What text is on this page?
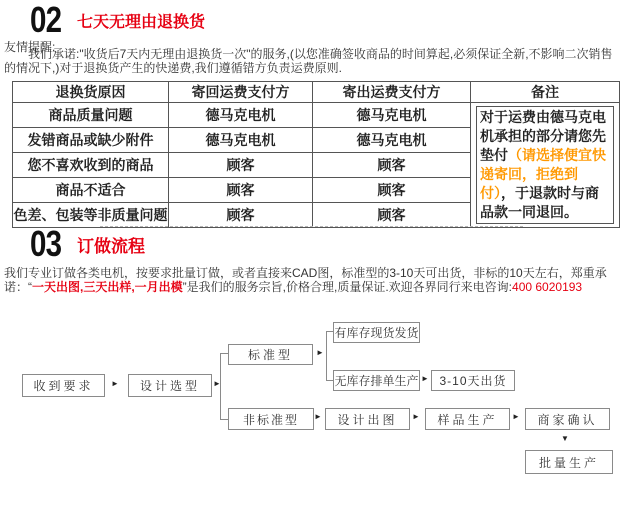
02 七天无理由退换货
友情提醒:

我们承诺:"收货后7天内无理由退换货一次"的服务,(以您准确签收商品的时间算起,必须保证全新,不影响二次销售的情况下,)对于退换货产生的快递费,我们遵循错方负责运费原则.

退换货原因	寄回运费支付方	寄出运费支付方	备注
商品质量问题	德马克电机	德马克电机	对于运费由德马克电机承担的部分请您先垫付（请选择便宜快递寄回，拒绝到付），于退款时与商品款一同退回。

发错商品或缺少附件	德马克电机	德马克电机	
您不喜欢收到的商品	顾客	顾客	
商品不适合	顾客	顾客	
色差、包装等非质量问题	顾客	顾客	
03 订做流程

我们专业订做各类电机，按要求批量订做，或者直接来CAD图，标准型的3-10天可出货，非标的10天左右，郑重承诺：“一天出图,三天出样,一月出模”是我们的服务宗旨,价格合理,质量保证.欢迎各界同行来电咨询:400 6020193

收到要求	设计选型
标准型
非标准型
有库存现货发货
无库存排单生产	3-10天出货
设计出图	样品生产	商家确认
批量生产
►	►
►
►
►	►	►
▼
